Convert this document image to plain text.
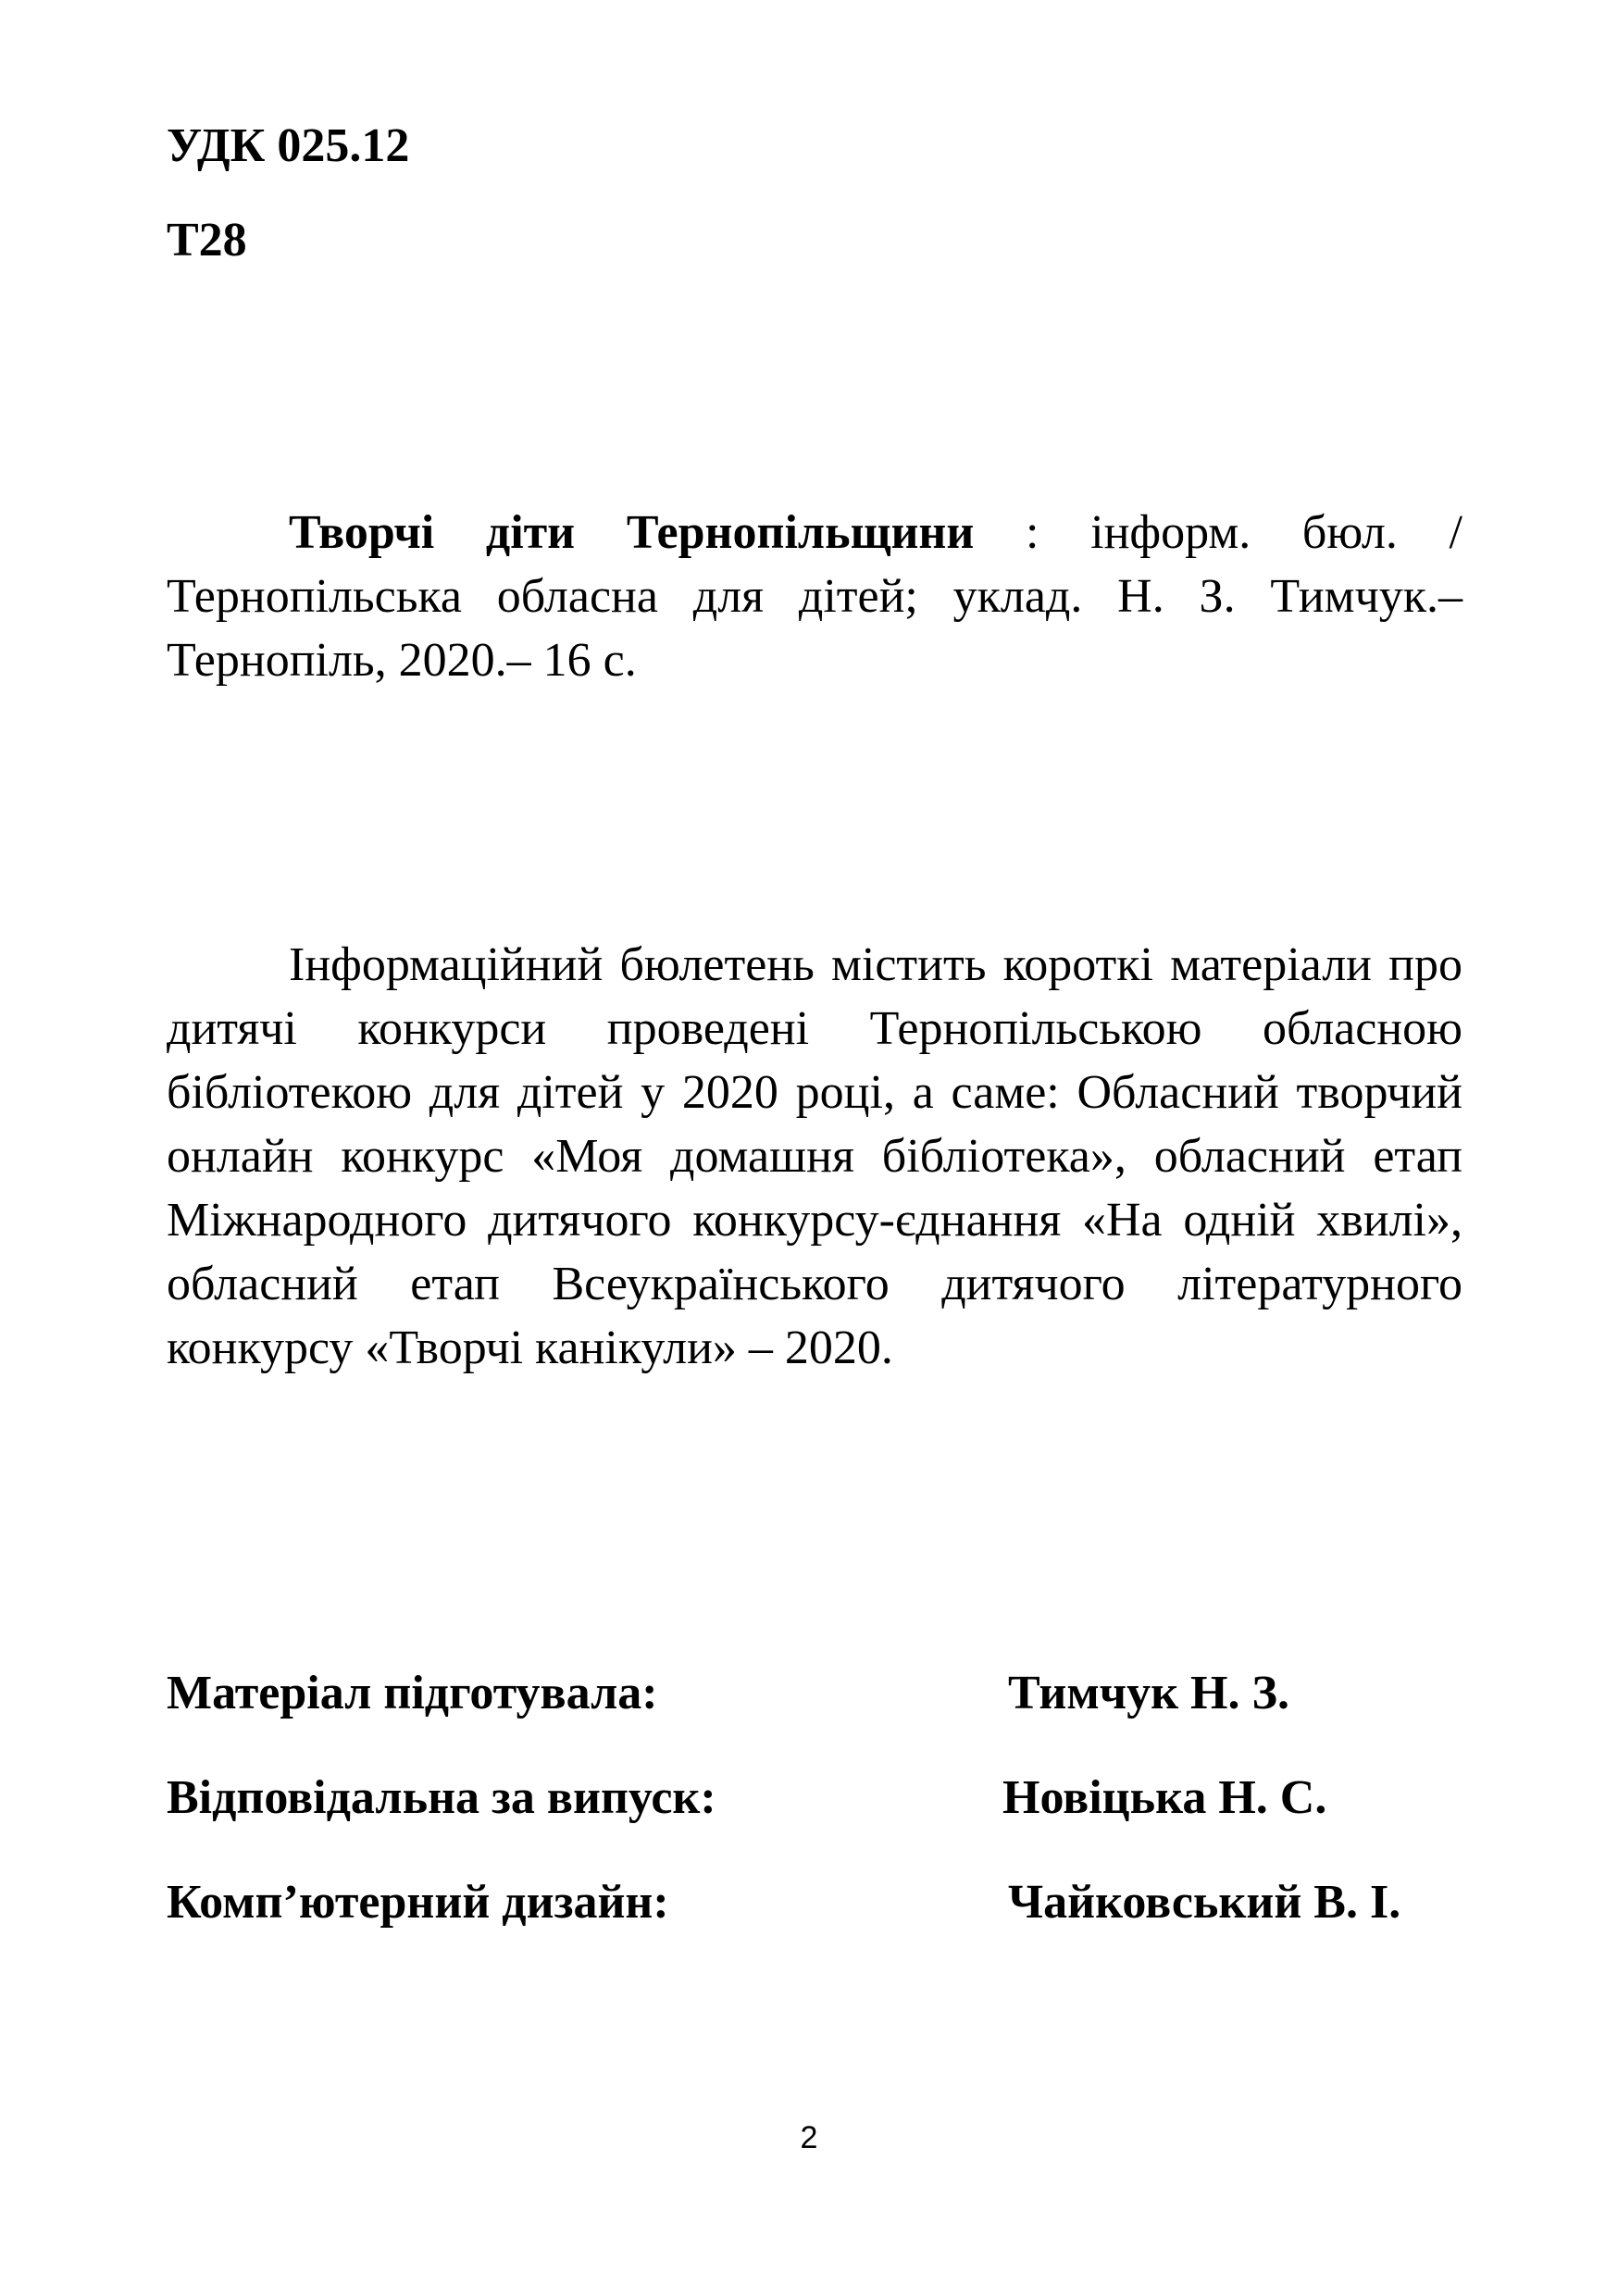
УДК 025.12

Т28

Творчі діти Тернопільщини : інформ. бюл. / Тернопільська обласна для дітей; уклад. Н. З. Тимчук.– Тернопіль, 2020.– 16 с.

Інформаційний бюлетень містить короткі матеріали про дитячі конкурси проведені Тернопільською обласною бібліотекою для дітей у 2020 році, а саме: Обласний творчий онлайн конкурс «Моя домашня бібліотека», обласний етап Міжнародного дитячого конкурсу-єднання «На одній хвилі», обласний етап Всеукраїнського дитячого літературного конкурсу «Творчі канікули» – 2020.

Матеріал підготувала:	Тимчук Н. З.
Відповідальна за випуск:	Новіцька Н. С.
Комп’ютерний дизайн:	Чайковський В. І.

2
